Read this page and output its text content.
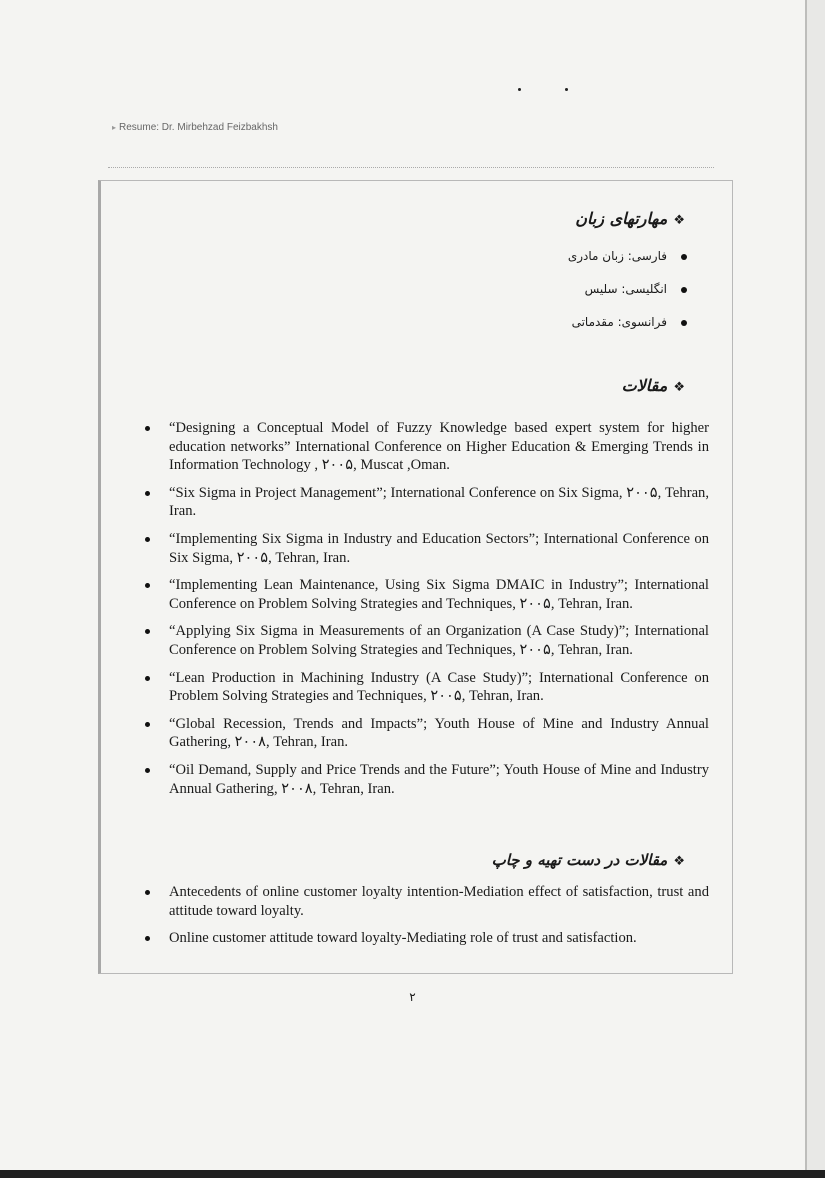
▸ Resume: Dr. Mirbehzad Feizbakhsh
❖مهارتهای زبان
فارسی: زبان مادری
انگلیسی: سلیس
فرانسوی: مقدماتی
❖مقالات
“Designing a Conceptual Model of Fuzzy Knowledge based expert system for higher education networks” International Conference on Higher Education & Emerging Trends in Information Technology , ۲۰۰۵, Muscat ,Oman.
“Six Sigma in Project Management”; International Conference on Six Sigma, ۲۰۰۵, Tehran, Iran.
“Implementing Six Sigma in Industry and Education Sectors”; International Conference on Six Sigma, ۲۰۰۵, Tehran, Iran.
“Implementing Lean Maintenance, Using Six Sigma DMAIC in Industry”; International Conference on Problem Solving Strategies and Techniques, ۲۰۰۵, Tehran, Iran.
“Applying Six Sigma in Measurements of an Organization (A Case Study)”; International Conference on Problem Solving Strategies and Techniques, ۲۰۰۵, Tehran, Iran.
“Lean Production in Machining Industry (A Case Study)”; International Conference on Problem Solving Strategies and Techniques, ۲۰۰۵, Tehran, Iran.
“Global Recession, Trends and Impacts”; Youth House of Mine and Industry Annual Gathering, ۲۰۰۸, Tehran, Iran.
“Oil Demand, Supply and Price Trends and the Future”; Youth House of Mine and Industry Annual Gathering, ۲۰۰۸, Tehran, Iran.
❖مقالات در دست تهیه و چاپ
Antecedents of online customer loyalty intention-Mediation effect of satisfaction, trust and attitude toward loyalty.
Online customer attitude toward loyalty-Mediating role of trust and satisfaction.
۲
